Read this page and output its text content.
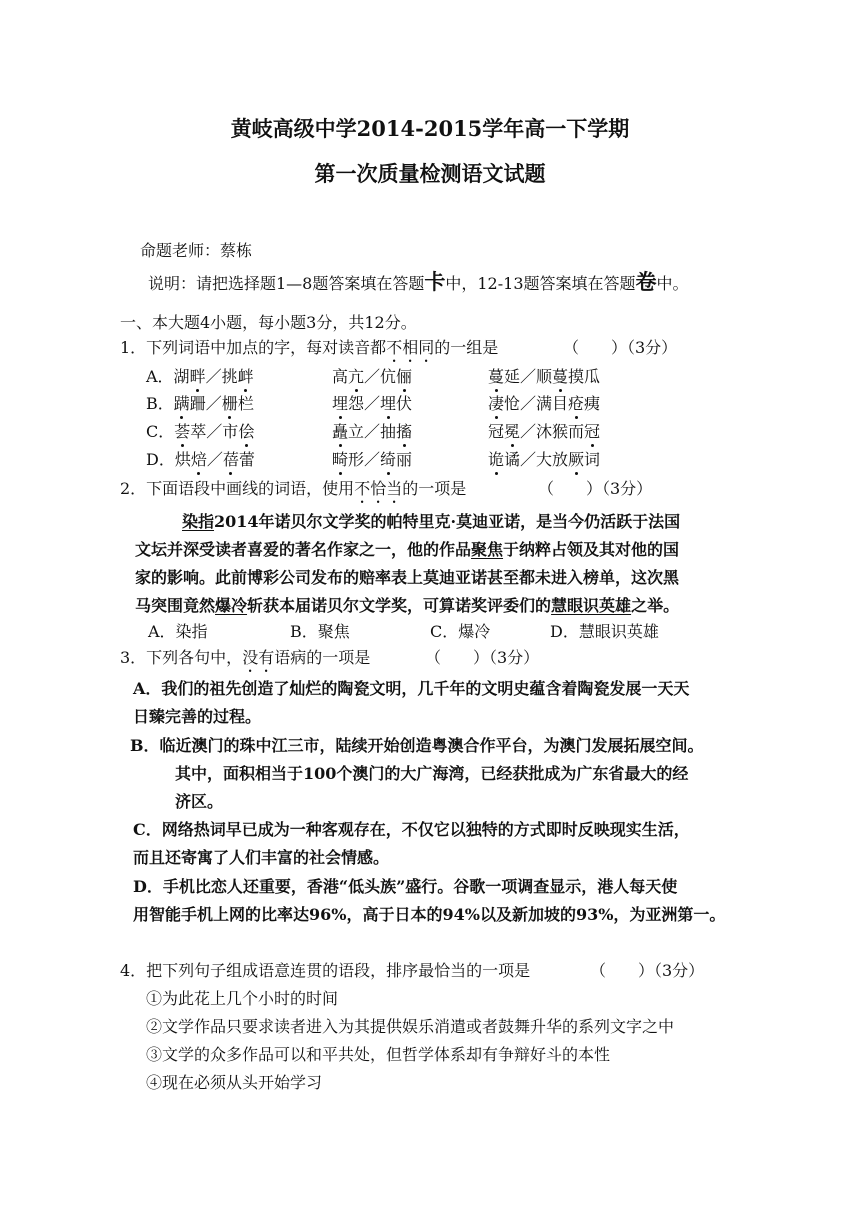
黄岐高级中学2014-2015学年高一下学期
第一次质量检测语文试题
命题老师：蔡栋
说明：请把选择题1—8题答案填在答题卡中，12-13题答案填在答题卷中。
一、本大题4小题，每小题3分，共12分。
1．下列词语中加点的字，每对读音都不相同的一组是	（　　）（3分）
A．湖畔／挑衅	高亢／伉俪	蔓延／顺蔓摸瓜
B．蹒跚／栅栏	埋怨／埋伏	凄怆／满目疮痍
C．荟萃／市侩	矗立／抽搐	冠冕／沐猴而冠
D．烘焙／蓓蕾	畸形／绮丽	诡谲／大放厥词
2．下面语段中画线的词语，使用不恰当的一项是	（　　）（3分）
染指2014年诺贝尔文学奖的帕特里克·莫迪亚诺，是当今仍活跃于法国
文坛并深受读者喜爱的著名作家之一，他的作品聚焦于纳粹占领及其对他的国
家的影响。此前博彩公司发布的赔率表上莫迪亚诺甚至都未进入榜单，这次黑
马突围竟然爆冷斩获本届诺贝尔文学奖，可算诺奖评委们的慧眼识英雄之举。
A．染指	B．聚焦	C．爆冷	D．慧眼识英雄
3．下列各句中，没有语病的一项是	（　　）（3分）
A．我们的祖先创造了灿烂的陶瓷文明，几千年的文明史蕴含着陶瓷发展一天天
日臻完善的过程。
B．临近澳门的珠中江三市，陆续开始创造粤澳合作平台，为澳门发展拓展空间。
其中，面积相当于100个澳门的大广海湾，已经获批成为广东省最大的经
济区。
C．网络热词早已成为一种客观存在，不仅它以独特的方式即时反映现实生活，
而且还寄寓了人们丰富的社会情感。
D．手机比恋人还重要，香港“低头族”盛行。谷歌一项调查显示，港人每天使
用智能手机上网的比率达96%，高于日本的94%以及新加坡的93%，为亚洲第一。
4．把下列句子组成语意连贯的语段，排序最恰当的一项是	（　　）（3分）
①为此花上几个小时的时间
②文学作品只要求读者进入为其提供娱乐消遣或者鼓舞升华的系列文字之中
③文学的众多作品可以和平共处，但哲学体系却有争辩好斗的本性
④现在必须从头开始学习
